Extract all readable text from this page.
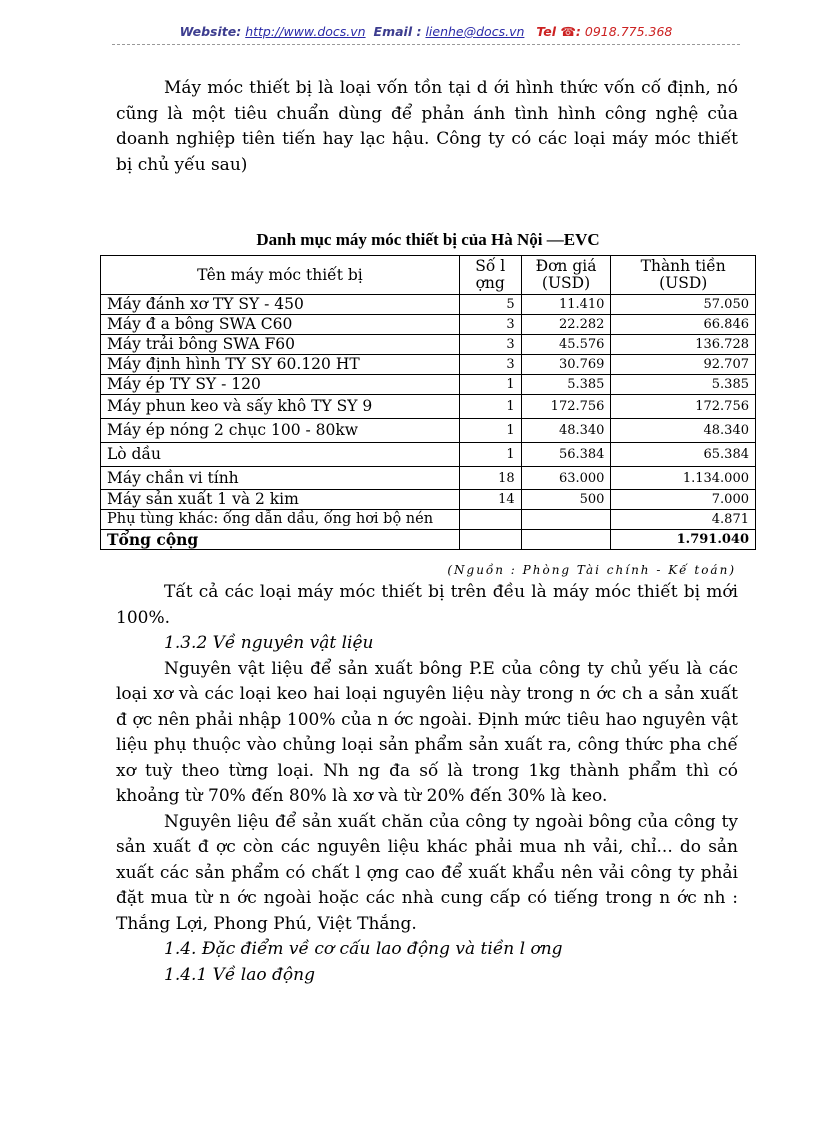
Website: http://www.docs.vn Email : lienhe@docs.vn Tel ☎: 0918.775.368

Máy móc thiết bị là loại vốn tồn tại d ới hình thức vốn cố định, nó cũng là một tiêu chuẩn dùng để phản ánh tình hình công nghệ của doanh nghiệp tiên tiến hay lạc hậu. Công ty có các loại máy móc thiết bị chủ yếu sau)

Danh mục máy móc thiết bị của Hà Nội —EVC
Tên máy móc thiết bị	Số l ợng	Đơn giá (USD)	Thành tiền (USD)
Máy đánh xơ TY SY - 450	5	11.410	57.050
Máy đ a bông SWA C60	3	22.282	66.846
Máy trải bông SWA F60	3	45.576	136.728
Máy định hình TY SY 60.120 HT	3	30.769	92.707
Máy ép TY SY - 120	1	5.385	5.385
Máy phun keo và sấy khô TY SY 9	1	172.756	172.756
Máy ép nóng 2 chục 100 - 80kw	1	48.340	48.340
Lò dầu	1	56.384	65.384
Máy chần vi tính	18	63.000	1.134.000
Máy sản xuất 1 và 2 kim	14	500	7.000
Phụ tùng khác: ống dẫn dầu, ống hơi bộ nén			4.871
Tổng cộng			1.791.040
(Nguồn : Phòng Tài chính - Kế toán)

Tất cả các loại máy móc thiết bị trên đều là máy móc thiết bị mới 100%.

1.3.2 Về nguyên vật liệu

Nguyên vật liệu để sản xuất bông P.E của công ty chủ yếu là các loại xơ và các loại keo hai loại nguyên liệu này trong n ớc ch a sản xuất đ ợc nên phải nhập 100% của n ớc ngoài. Định mức tiêu hao nguyên vật liệu phụ thuộc vào chủng loại sản phẩm sản xuất ra, công thức pha chế xơ tuỳ theo từng loại. Nh ng đa số là trong 1kg thành phẩm thì có khoảng từ 70% đến 80% là xơ và từ 20% đến 30% là keo.

Nguyên liệu để sản xuất chăn của công ty ngoài bông của công ty sản xuất đ ợc còn các nguyên liệu khác phải mua nh vải, chỉ... do sản xuất các sản phẩm có chất l ợng cao để xuất khẩu nên vải công ty phải đặt mua từ n ớc ngoài hoặc các nhà cung cấp có tiếng trong n ớc nh : Thắng Lợi, Phong Phú, Việt Thắng.

1.4. Đặc điểm về cơ cấu lao động và tiền l ơng

1.4.1 Về lao động
